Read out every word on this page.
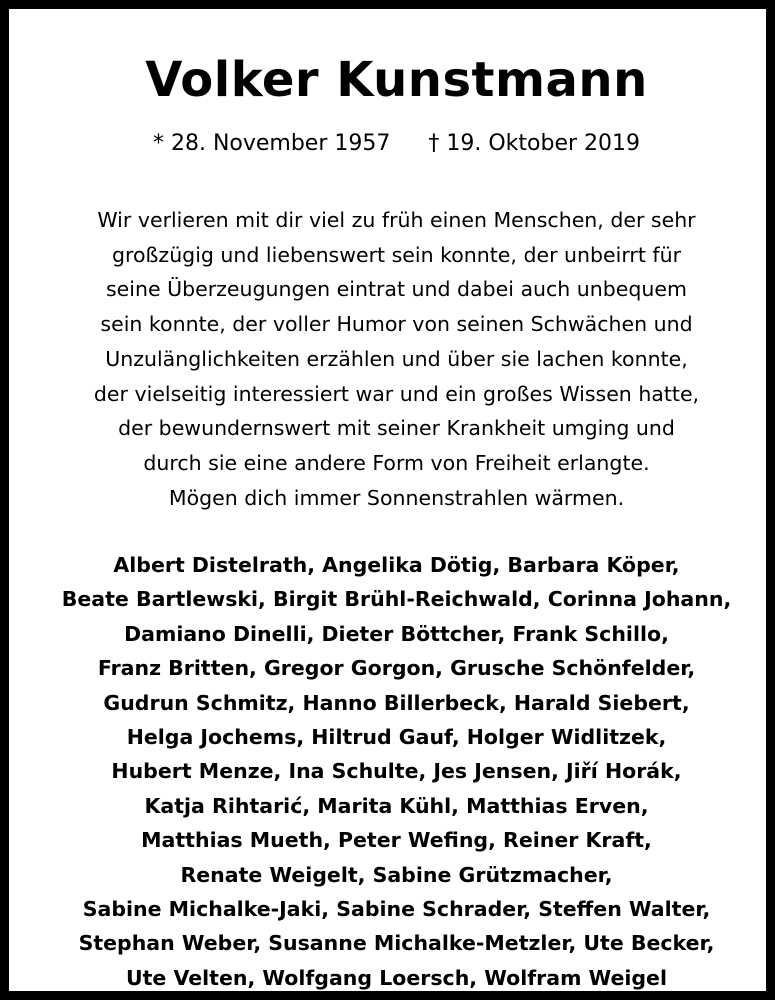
Volker Kunstmann
* 28. November 1957 † 19. Oktober 2019
Wir verlieren mit dir viel zu früh einen Menschen, der sehr
großzügig und liebenswert sein konnte, der unbeirrt für
seine Überzeugungen eintrat und dabei auch unbequem
sein konnte, der voller Humor von seinen Schwächen und
Unzulänglichkeiten erzählen und über sie lachen konnte,
der vielseitig interessiert war und ein großes Wissen hatte,
der bewundernswert mit seiner Krankheit umging und
durch sie eine andere Form von Freiheit erlangte.
Mögen dich immer Sonnenstrahlen wärmen.
Albert Distelrath, Angelika Dötig, Barbara Köper,
Beate Bartlewski, Birgit Brühl-Reichwald, Corinna Johann,
Damiano Dinelli, Dieter Böttcher, Frank Schillo,
Franz Britten, Gregor Gorgon, Grusche Schönfelder,
Gudrun Schmitz, Hanno Billerbeck, Harald Siebert,
Helga Jochems, Hiltrud Gauf, Holger Widlitzek,
Hubert Menze, Ina Schulte, Jes Jensen, Jiří Horák,
Katja Rihtarić, Marita Kühl, Matthias Erven,
Matthias Mueth, Peter Wefing, Reiner Kraft,
Renate Weigelt, Sabine Grützmacher,
Sabine Michalke-Jaki, Sabine Schrader, Steffen Walter,
Stephan Weber, Susanne Michalke-Metzler, Ute Becker,
Ute Velten, Wolfgang Loersch, Wolfram Weigel
